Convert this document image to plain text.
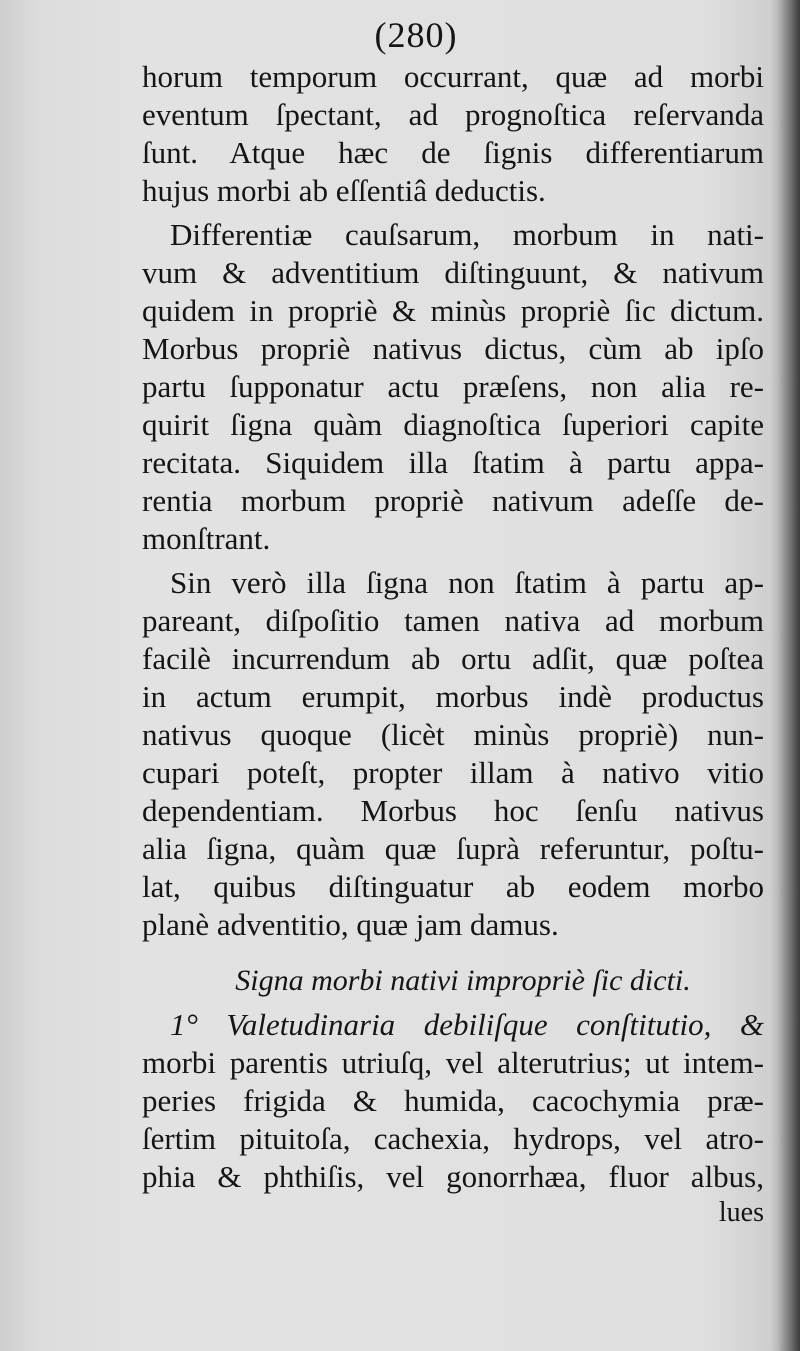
(280)
horum temporum occurrant, quæ ad morbi
eventum ſpectant, ad prognoſtica reſervanda
ſunt. Atque hæc de ſignis differentiarum
hujus morbi ab eſſentiâ deductis.
Differentiæ cauſsarum, morbum in nati-
vum & adventitium diſtinguunt, & nativum
quidem in propriè & minùs propriè ſic dictum.
Morbus propriè nativus dictus, cùm ab ipſo
partu ſupponatur actu præſens, non alia re-
quirit ſigna quàm diagnoſtica ſuperiori capite
recitata. Siquidem illa ſtatim à partu appa-
rentia morbum propriè nativum adeſſe de-
monſtrant.
Sin verò illa ſigna non ſtatim à partu ap-
pareant, diſpoſitio tamen nativa ad morbum
facilè incurrendum ab ortu adſit, quæ poſtea
in actum erumpit, morbus indè productus
nativus quoque (licèt minùs propriè) nun-
cupari poteſt, propter illam à nativo vitio
dependentiam. Morbus hoc ſenſu nativus
alia ſigna, quàm quæ ſuprà referuntur, poſtu-
lat, quibus diſtinguatur ab eodem morbo
planè adventitio, quæ jam damus.
Signa morbi nativi impropriè ſic dicti.
1° Valetudinaria debiliſque conſtitutio, &
morbi parentis utriuſq, vel alterutrius; ut intem-
peries frigida & humida, cacochymia præ-
ſertim pituitoſa, cachexia, hydrops, vel atro-
phia & phthiſis, vel gonorrhæa, fluor albus,
lues
